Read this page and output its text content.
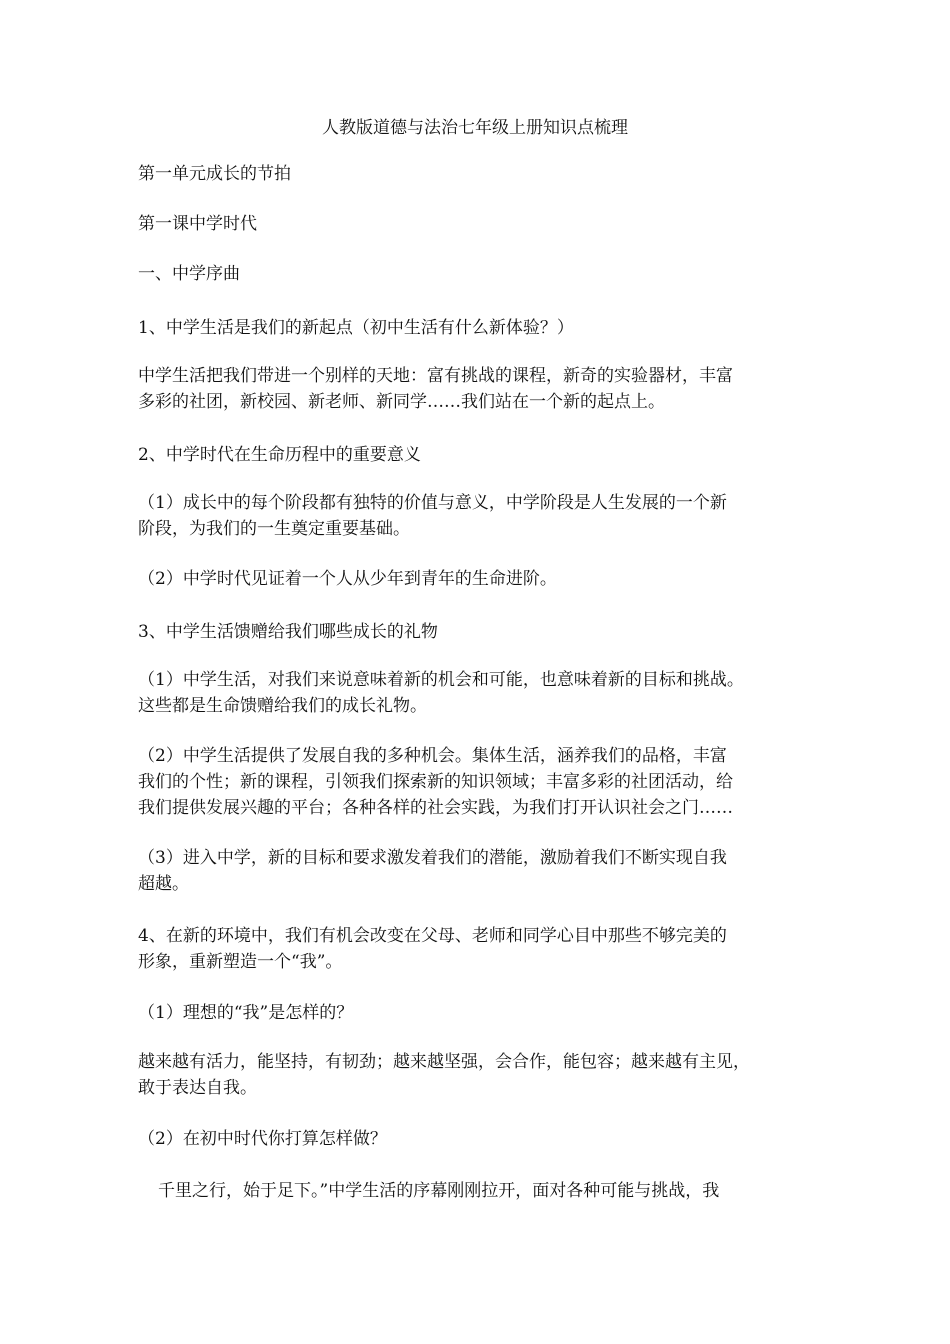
人教版道德与法治七年级上册知识点梳理
第一单元成长的节拍
第一课中学时代
一、中学序曲
1、中学生活是我们的新起点（初中生活有什么新体验？）
中学生活把我们带进一个别样的天地：富有挑战的课程，新奇的实验器材，丰富
多彩的社团，新校园、新老师、新同学……我们站在一个新的起点上。
2、中学时代在生命历程中的重要意义
（1）成长中的每个阶段都有独特的价值与意义，中学阶段是人生发展的一个新
阶段，为我们的一生奠定重要基础。
（2）中学时代见证着一个人从少年到青年的生命进阶。
3、中学生活馈赠给我们哪些成长的礼物
（1）中学生活，对我们来说意味着新的机会和可能，也意味着新的目标和挑战。
这些都是生命馈赠给我们的成长礼物。
（2）中学生活提供了发展自我的多种机会。集体生活，涵养我们的品格，丰富
我们的个性；新的课程，引领我们探索新的知识领域；丰富多彩的社团活动，给
我们提供发展兴趣的平台；各种各样的社会实践，为我们打开认识社会之门……
（3）进入中学，新的目标和要求激发着我们的潜能，激励着我们不断实现自我
超越。
4、在新的环境中，我们有机会改变在父母、老师和同学心目中那些不够完美的
形象，重新塑造一个“我”。
（1）理想的“我”是怎样的？
越来越有活力，能坚持，有韧劲；越来越坚强，会合作，能包容；越来越有主见，
敢于表达自我。
（2）在初中时代你打算怎样做？
千里之行，始于足下。”中学生活的序幕刚刚拉开，面对各种可能与挑战，我
